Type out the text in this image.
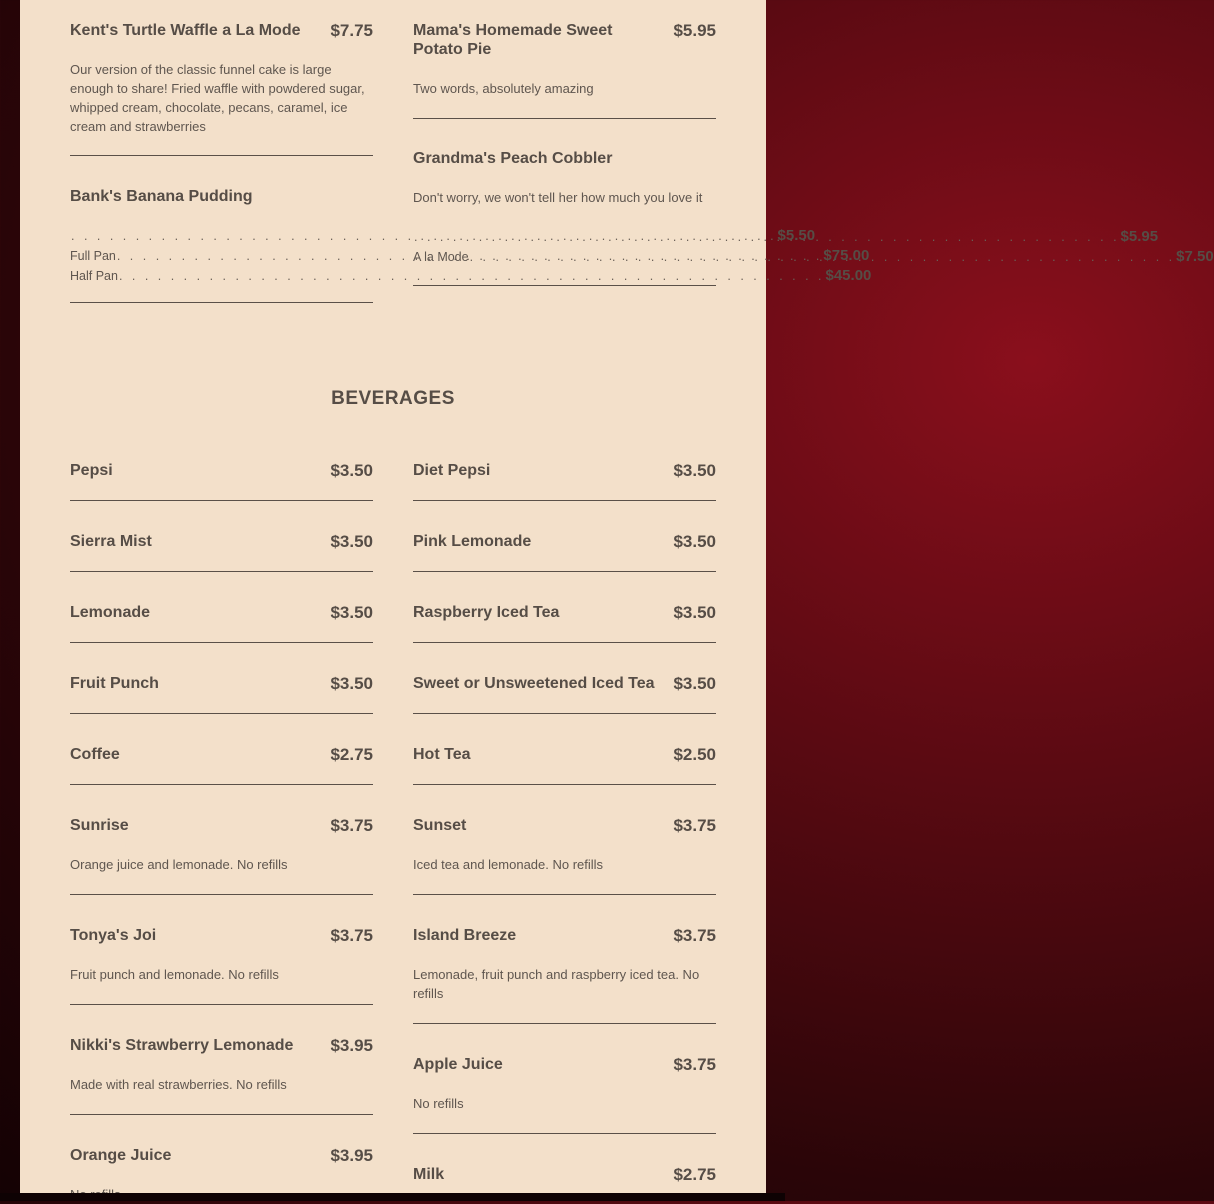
Kent's Turtle Waffle a La Mode	$7.75
Our version of the classic funnel cake is large enough to share! Fried waffle with powdered sugar, whipped cream, chocolate, pecans, caramel, ice cream and strawberries
Bank's Banana Pudding
. . .
$5.50
Full Pan . . .	$75.00
Half Pan . . .	$45.00
Mama's Homemade Sweet Potato Pie
$5.95
Two words, absolutely amazing
Grandma's Peach Cobbler
Don't worry, we won't tell her how much you love it
. . .
$5.95
A la Mode . . .	$7.50
BEVERAGES
Pepsi	$3.50	Diet Pepsi	$3.50
Sierra Mist	$3.50	Pink Lemonade	$3.50
Lemonade	$3.50	Raspberry Iced Tea	$3.50
Fruit Punch	$3.50	Sweet or Unsweetened Iced Tea	$3.50
Coffee	$2.75	Hot Tea	$2.50
Sunrise	$3.75
Orange juice and lemonade. No refills
Sunset	$3.75
Iced tea and lemonade. No refills
Tonya's Joi	$3.75
Fruit punch and lemonade. No refills
Island Breeze	$3.75
Lemonade, fruit punch and raspberry iced tea. No refills
Nikki's Strawberry Lemonade	$3.95
Made with real strawberries. No refills
Apple Juice	$3.75
No refills
Orange Juice	$3.95
Milk	$2.75
